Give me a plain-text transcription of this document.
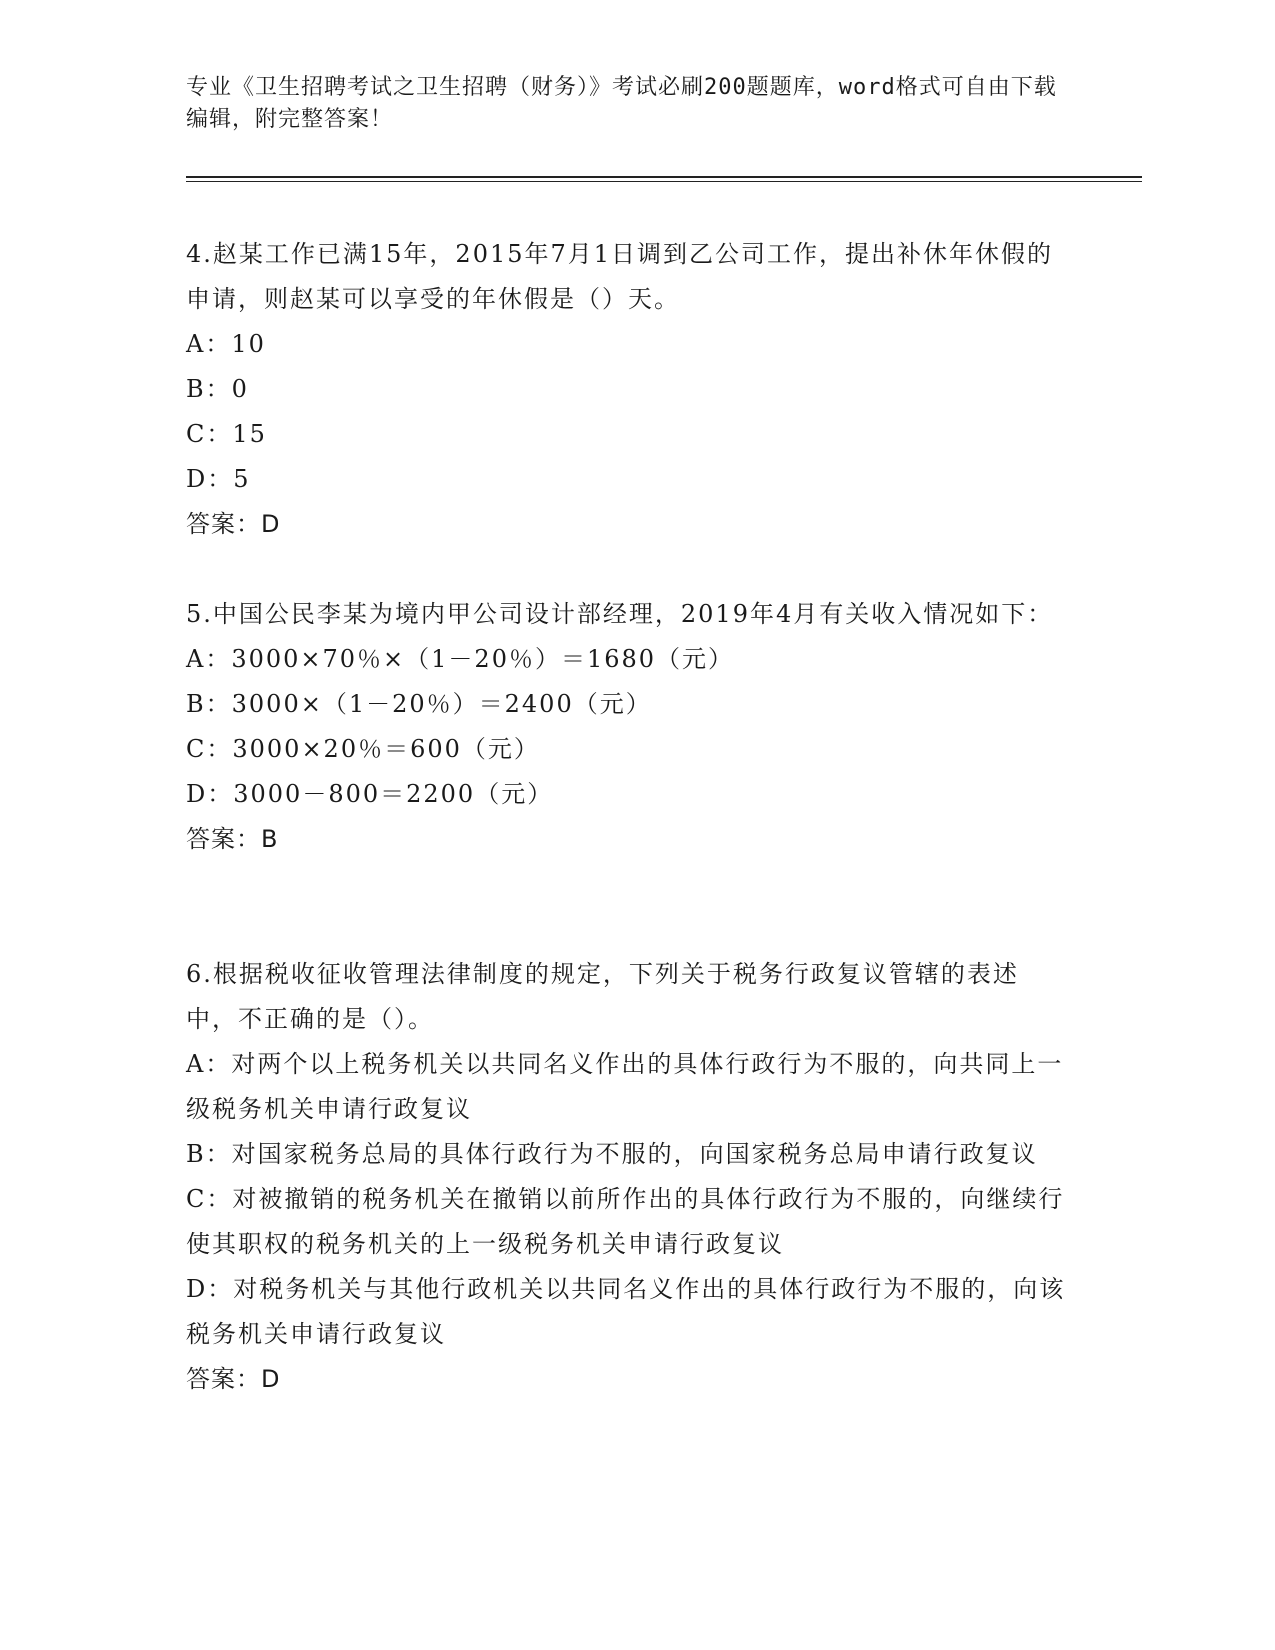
专业《卫生招聘考试之卫生招聘（财务）》考试必刷200题题库，word格式可自由下载编辑，附完整答案！

4.赵某工作已满15年，2015年7月1日调到乙公司工作，提出补休年休假的申请，则赵某可以享受的年休假是（）天。

A：10

B：0

C：15

D：5

答案：D

5.中国公民李某为境内甲公司设计部经理，2019年4月有关收入情况如下：

A：3000×70％×（1－20％）＝1680（元）

B：3000×（1－20％）＝2400（元）

C：3000×20％＝600（元）

D：3000－800＝2200（元）

答案：B

6.根据税收征收管理法律制度的规定，下列关于税务行政复议管辖的表述中，不正确的是（）。

A：对两个以上税务机关以共同名义作出的具体行政行为不服的，向共同上一级税务机关申请行政复议

B：对国家税务总局的具体行政行为不服的，向国家税务总局申请行政复议

C：对被撤销的税务机关在撤销以前所作出的具体行政行为不服的，向继续行使其职权的税务机关的上一级税务机关申请行政复议

D：对税务机关与其他行政机关以共同名义作出的具体行政行为不服的，向该税务机关申请行政复议

答案：D
